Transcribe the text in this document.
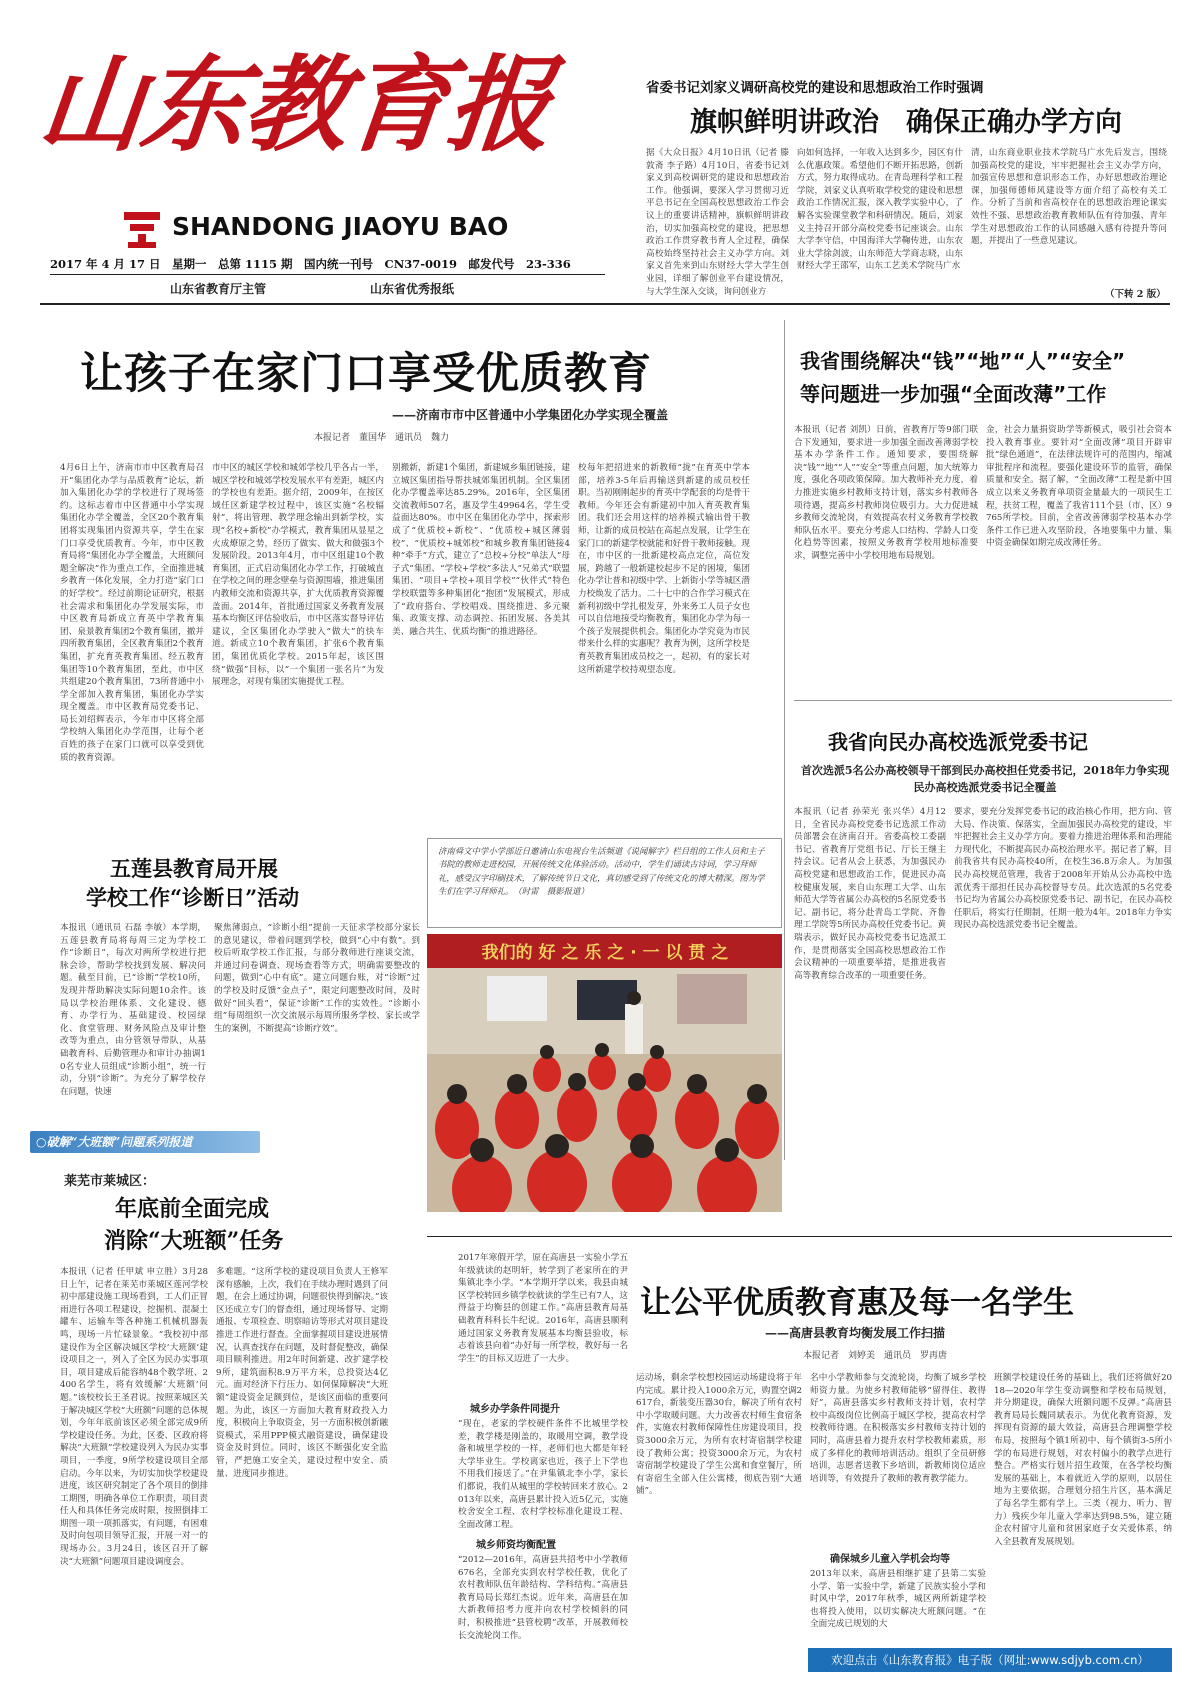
山东教育报
SHANDONG JIAOYU BAO
2017 年 4 月 17 日　星期一　总第 1115 期　国内统一刊号　CN37-0019　邮发代号　23-336
山东省教育厅主管	山东省优秀报纸
省委书记刘家义调研高校党的建设和思想政治工作时强调
旗帜鲜明讲政治　确保正确办学方向
据《大众日报》4月10日讯（记者 滕敦斋 李子路）4月10日，省委书记刘家义到高校调研党的建设和思想政治工作。他强调，要深入学习贯彻习近平总书记在全国高校思想政治工作会议上的重要讲话精神，旗帜鲜明讲政治，切实加强高校党的建设，把思想政治工作贯穿教书育人全过程，确保高校始终坚持社会主义办学方向。刘家义首先来到山东财经大学大学生创业园，详细了解创业平台建设情况，与大学生深入交谈，询问创业方
向如何选择，一年收入达到多少，园区有什么优惠政策。希望他们不断开拓思路，创新方式，努力取得成功。在青岛理科学和工程学院，刘家义认真听取学校党的建设和思想政治工作情况汇报，深入教学实验中心，了解各实验课堂教学和科研情况。随后，刘家义主持召开部分高校党委书记座谈会。山东大学李守信，中国海洋大学鞠传进，山东农业大学徐剑波，山东师范大学商志晓，山东财经大学王邵军，山东工艺美术学院马广水
清，山东商业职业技术学院马广水先后发言，围绕加强高校党的建设，牢牢把握社会主义办学方向，加强宣传思想和意识形态工作，办好思想政治理论课，加强师德师风建设等方面介绍了高校有关工作。分析了当前和省高校存在的思想政治理论课实效性不强、思想政治教育教师队伍有待加强、青年学生对思想政治工作的认同感融入感有待提升等问题，并提出了一些意见建议。
（下转 2 版）
让孩子在家门口享受优质教育
——济南市市中区普通中小学集团化办学实现全覆盖
本报记者　董国华　通讯员　魏力
4月6日上午，济南市市中区教育局召开“集团化办学与品质教育”论坛，新加入集团化办学的学校进行了现场签约。这标志着市中区普通中小学实现集团化办学全覆盖，全区20个教育集团将实现集团内资源共享，学生在家门口享受优质教育。今年，市中区教育局将“集团化办学全覆盖，大班额问题全解决”作为重点工作，全面推进城乡教育一体化发展，全力打造“家门口的好学校”。经过前期论证研究，根据社会需求和集团化办学发展实际，市中区教育局新成立育英中学教育集团、泉景教育集团2个教育集团，撤并四所教育集团，全区教育集团2个教育集团，扩充育英教育集团、经五教育集团等10个教育集团，至此，市中区共组建20个教育集团，73所普通中小学全部加入教育集团，集团化办学实现全覆盖。市中区教育局党委书记、局长刘绍辉表示，今年市中区将全部学校纳入集团化办学范围，让每个老百姓的孩子在家门口就可以享受到优质的教育资源。
市中区的城区学校和城郊学校几乎各占一半，城区学校和城郊学校发展水平有差距，城区内的学校也有差距。据介绍，2009年，在按区域任区新建学校过程中，该区实施“名校辐射”，将出管理、教学理念输出到新学校，实现“名校+新校”办学模式，教育集团从显星之火成燎原之势，经历了做实、做大和做强3个发展阶段。2013年4月，市中区组建10个教育集团，正式启动集团化办学工作，打破城直在学校之间的理念壁垒与资源围墙，推进集团内教师交流和资源共享，扩大优质教育资源覆盖面。2014年，首批通过国家义务教育发展基本均衡区评估验收后，市中区落实督导评估建议，全区集团化办学驶入“做大”的快车道。新成立10个教育集团，扩张6个教育集团，集团优质化学校。2015年起，该区围绕“做强”目标，以“一个集团一张名片”为发展理念，对现有集团实施提优工程。
别搬新，新建1个集团，新建城乡集团链接，建立城区集团指导帮扶城郊集团机制。全区集团化办学覆盖率达85.29%。2016年，全区集团交流教师507名，惠及学生49964名，学生受益面达80%。市中区在集团化办学中，探索形成了“优质校+新校”、“优质校+城区薄弱校”、“优质校+城郊校”和城乡教育集团链接4种“牵手”方式，建立了“总校+分校”单法人“母子式”集团、“学校+学校”多法人“兄弟式”联盟集团、“项目+学校+项目学校”“伙伴式”特色学校联盟等多种集团化“抱团”发展模式，形成了“政府搭台、学校唱戏、围绕推进、多元聚集、政策支撑、动态调控、拓团发展、各美其美、融合共生、优质均衡”的推进路径。
校每年把招进来的新教师“拢”在育英中学本部，培养3-5年后再输送到新建的成员校任职。当初刚刚起步的育英中学配套的均是骨干教师。今年还会有新建初中加入育英教育集团。我们还会用这样的培养模式输出骨干教师，让新的成员校站在高起点发展，让学生在家门口的新建学校就能和好骨干教师接触。现在，市中区的一批新建校高点定位，高位发展，跨越了一般新建校起步不足的困境，集团化办学让普和初级中学、上新街小学等城区潜力校焕发了活力。二十七中的合作学习模式在新利初级中学扎根发芽，外来务工人员子女也可以自信地接受均衡教育，集团化办学为每一个孩子发展提供机会。集团化办学究竟为市民带来什么样的实惠呢？教育为例，这所学校是育英教育集团成员校之一，起初，有的家长对这所新建学校持观望态度。
我省围绕解决“钱”“地”“人”“安全”
等问题进一步加强“全面改薄”工作
本报讯（记者 刘凯）日前，省教育厅等9部门联合下发通知，要求进一步加强全面改善薄弱学校基本办学条件工作。通知要求，要围绕解决“钱”“地”“人”“安全”等重点问题，加大统筹力度，强化各项政策保障。加大教师补充力度，着力推进实施乡村教师支持计划，落实乡村教师各项待遇，提高乡村教师岗位吸引力。大力促进城乡教师交流轮岗，有效提高农村义务教育学校教师队伍水平。要充分考虑人口结构、学龄人口变化趋势等因素，按照义务教育学校用地标准要求，调整完善中小学校用地布局规划。
金，社会力量捐资助学等新模式，吸引社会资本投入教育事业。要针对“全面改薄”项目开辟审批“绿色通道”，在法律法规许可的范围内，缩减审批程序和流程。要强化建设环节的监管，确保质量和安全。据了解，“全面改薄”工程是新中国成立以来义务教育单项资金量最大的一项民生工程，扶贫工程，覆盖了我省111个县（市、区）9765所学校。目前，全省改善薄弱学校基本办学条件工作已进入攻坚阶段，各地要集中力量、集中资金确保如期完成改薄任务。
我省向民办高校选派党委书记
首次选派5名公办高校领导干部到民办高校担任党委书记，2018年力争实现民办高校选派党委书记全覆盖
本报讯（记者 孙荣光 张兴华）4月12日，全省民办高校党委书记选派工作动员部署会在济南召开。省委高校工委副书记、省教育厅党组书记、厅长王继主持会议。记者从会上获悉，为加强民办高校党建和思想政治工作，促进民办高校健康发展，来自山东理工大学、山东师范大学等省属公办高校的5名原党委书记、副书记，将分赴青岛工学院、齐鲁理工学院等5所民办高校任党委书记。黄瑞表示，做好民办高校党委书记选派工作，是贯彻落实全国高校思想政治工作会议精神的一项重要举措，是推进我省高等教育综合改革的一项重要任务。
要求，要充分发挥党委书记的政治核心作用，把方向、管大局、作决策、保落实，全面加强民办高校党的建设，牢牢把握社会主义办学方向。要着力推进治理体系和治理能力现代化，不断提高民办高校治理水平。据记者了解，目前我省共有民办高校40所，在校生36.8万余人。为加强民办高校规范管理，我省于2008年开始从公办高校中选派优秀干部担任民办高校督导专员。此次选派的5名党委书记均为省属公办高校原党委书记、副书记，在民办高校任职后，将实行任期制，任期一般为4年。2018年力争实现民办高校选派党委书记全覆盖。
济南舜文中学小学部近日邀请山东电视台生活频道《说闻解字》栏目组的工作人员和主子书院的教师走进校园，开展传统文化体验活动。活动中，学生们诵读古诗词，学习拜师礼，感受汉字印刷技术，了解传统节日文化，真切感受到了传统文化的博大精深。图为学生们在学习拜师礼。　（时雷　摄影报道）
我们的 好 之 乐 之 · 一 以 贯 之
五莲县教育局开展
学校工作“诊断日”活动
本报讯（通讯员 石磊 李敏）本学期，五莲县教育局将每周三定为学校工作“诊断日”，每次对两所学校进行把脉会诊，帮助学校找到发展、解决问题。截至目前，已“诊断”学校10所，发现并帮助解决实际问题10余件。该局以学校治理体系、文化建设、德育、办学行为、基础建设、校园绿化、食堂管理、财务风险点及审计整改等为重点，由分管领导带队，从基础教育科、后勤管理办和审计办抽调10名专业人员组成“诊断小组”，统一行动，分别“诊断”。为充分了解学校存在问题，快速
聚焦薄弱点，“诊断小组”提前一天征求学校部分家长的意见建议，带着问题到学校，做到“心中有数”。到校后听取学校工作汇报，与部分教师进行座谈交流，并通过问卷调查、现场查看等方式，明确需要整改的问题，做到“心中有底”。建立问题台账，对“诊断”过的学校及时反馈“金点子”，限定问题整改时间，及时做好“回头看”，保证“诊断”工作的实效性。“诊断小组”每周组织一次交流展示每周所服务学校、家长或学生的案例，不断提高“诊断疗效”。
○破解“大班额”问题系列报道
莱芜市莱城区：
年底前全面完成
消除“大班额”任务
本报讯（记者 任甲斌 申立胜）3月28日上午，记者在莱芜市莱城区莲河学校初中部建设施工现场看到，工人们正冒雨进行各项工程建设，挖掘机、混凝土罐车、运输车等各种施工机械机器轰鸣，现场一片忙碌景象。“我校初中部建设作为全区解决城区学校‘大班额’建设项目之一，列入了全区为民办实事项目，项目建成后能容纳48个教学班、2400名学生，将有效缓解‘大班额’问题。”该校校长王圣君说。按照莱城区关于解决城区学校“大班额”问题的总体规划，今年年底前该区必须全部完成9所学校建设任务。为此，区委、区政府将解决“大班额”学校建设列入为民办实事项目，一季度，9所学校建设项目全部启动。今年以来，为切实加快学校建设进度，该区研究制定了各个项目的倒排工期图，明确各单位工作职责，项目责任人和具体任务完成时限，按照倒排工期图一项一项抓落实，有问题，有困难及时向包项目领导汇报，开展一对一的现场办公。3月24日，该区召开了解决“大班额”问题项目建设调度会。
多难题。“这所学校的建设项目负责人王修军深有感触，上次，我们在手续办理时遇到了问题，在会上通过协调，问题很快得到解决。”该区还成立专门的督查组，通过现场督导、定期通报、专项检查、明察暗访等形式对项目建设推进工作进行督查。全面掌握项目建设进展情况，认真查找存在问题，及时督促整改，确保项目顺利推进。用2年时间新建、改扩建学校9所，建筑面积8.9万平方米，总投资达4亿元。面对经济下行压力、如何保障解决“大班额”建设资金足额到位，是该区面临的重要问题。为此，该区一方面加大教育财政投入力度，积极向上争取资金，另一方面积极创新融资模式，采用PPP模式融资建设，确保建设资金及时到位。同时，该区不断强化安全监管，严把施工安全关，建设过程中安全、质量、进度同步推进。
让公平优质教育惠及每一名学生
——高唐县教育均衡发展工作扫描
本报记者　刘婷美　通讯员　罗再唐
2017年寒假开学，原在高唐县一实验小学五年级就读的赵明轩，转学到了老家所在的尹集镇北李小学。“本学期开学以来，我县由城区学校转回乡镇学校就读的学生已有7人，这得益于均衡县的创建工作。”高唐县教育局基础教育科科长牛纪说。2016年，高唐县顺利通过国家义务教育发展基本均衡县验收，标志着该县向着“办好每一所学校，教好每一名学生”的目标又迈进了一大步。
城乡办学条件同提升
“现在，老家的学校硬件条件不比城里学校差，教学楼是刚盖的，取暖用空调，教学设备和城里学校的一样，老师们也大都是年轻大学毕业生。学校离家也近，孩子上下学也不用我们接送了。”在尹集镇北李小学，家长们都说，我们从城里的学校转回来才放心。2013年以来，高唐县累计投入近5亿元，实施校舍安全工程、农村学校标准化建设工程、全面改薄工程。
城乡师资均衡配置
“2012—2016年，高唐县共招考中小学教师676名，全部充实到农村学校任教，优化了农村教师队伍年龄结构、学科结构。”高唐县教育局局长郑红杰说。近年来，高唐县在加大新教师招考力度并向农村学校倾斜的同时，积极推进“县管校聘”改革，开展教师校长交流轮岗工作。
运动场，剩余学校想校园运动场建设将于年内完成。累计投入1000余万元，购置空调2617台，新装变压器30台，解决了所有农村中小学取暖问题。大力改善农村师生食宿条件，实施农村教师保障性住房建设项目，投资3000余万元，为所有农村寄宿制学校建设了教师公寓；投资3000余万元，为农村寄宿制学校建设了学生公寓和食堂餐厅，所有寄宿生全部入住公寓楼，彻底告别“大通铺”。
名中小学教师参与交流轮岗，均衡了城乡学校师资力量。为使乡村教师能够“留得住、教得好”，高唐县落实乡村教师支持计划，农村学校中高级岗位比例高于城区学校，提高农村学校教师待遇。在积极落实乡村教师支持计划的同时，高唐县着力提升农村学校教师素质，形成了多样化的教师培训活动。组织了全员研修培训，志愿者送教下乡培训，新教师岗位适应培训等，有效提升了教师的教育教学能力。
确保城乡儿童入学机会均等
2013年以来，高唐县相继扩建了县第二实验小学、第一实验中学，新建了民族实验小学和时风中学，2017年秋季，城区两所新建学校也将投入使用，以切实解决大班额问题。“在全面完成已规划的大
班额学校建设任务的基础上，我们还将做好2018—2020年学生变动调整和学校布局规划，并分期建设，确保大班额问题不反弹。”高唐县教育局局长魏同斌表示。为优化教育资源，发挥现有资源的最大效益，高唐县合理调整学校布局，按照每个镇1所初中、每个镇街3-5所小学的布局进行规划，对农村偏小的教学点进行整合。严格实行划片招生政策，在各学校均衡发展的基础上，本着就近入学的原则，以居住地为主要依据，合理划分招生片区，基本满足了每名学生都有学上。三类（视力、听力、智力）残疾少年儿童入学率达到98.5%，建立随企农村留守儿童和贫困家庭子女关爱体系，纳入全县教育发展规划。
欢迎点击《山东教育报》电子版（网址:www.sdjyb.com.cn）
